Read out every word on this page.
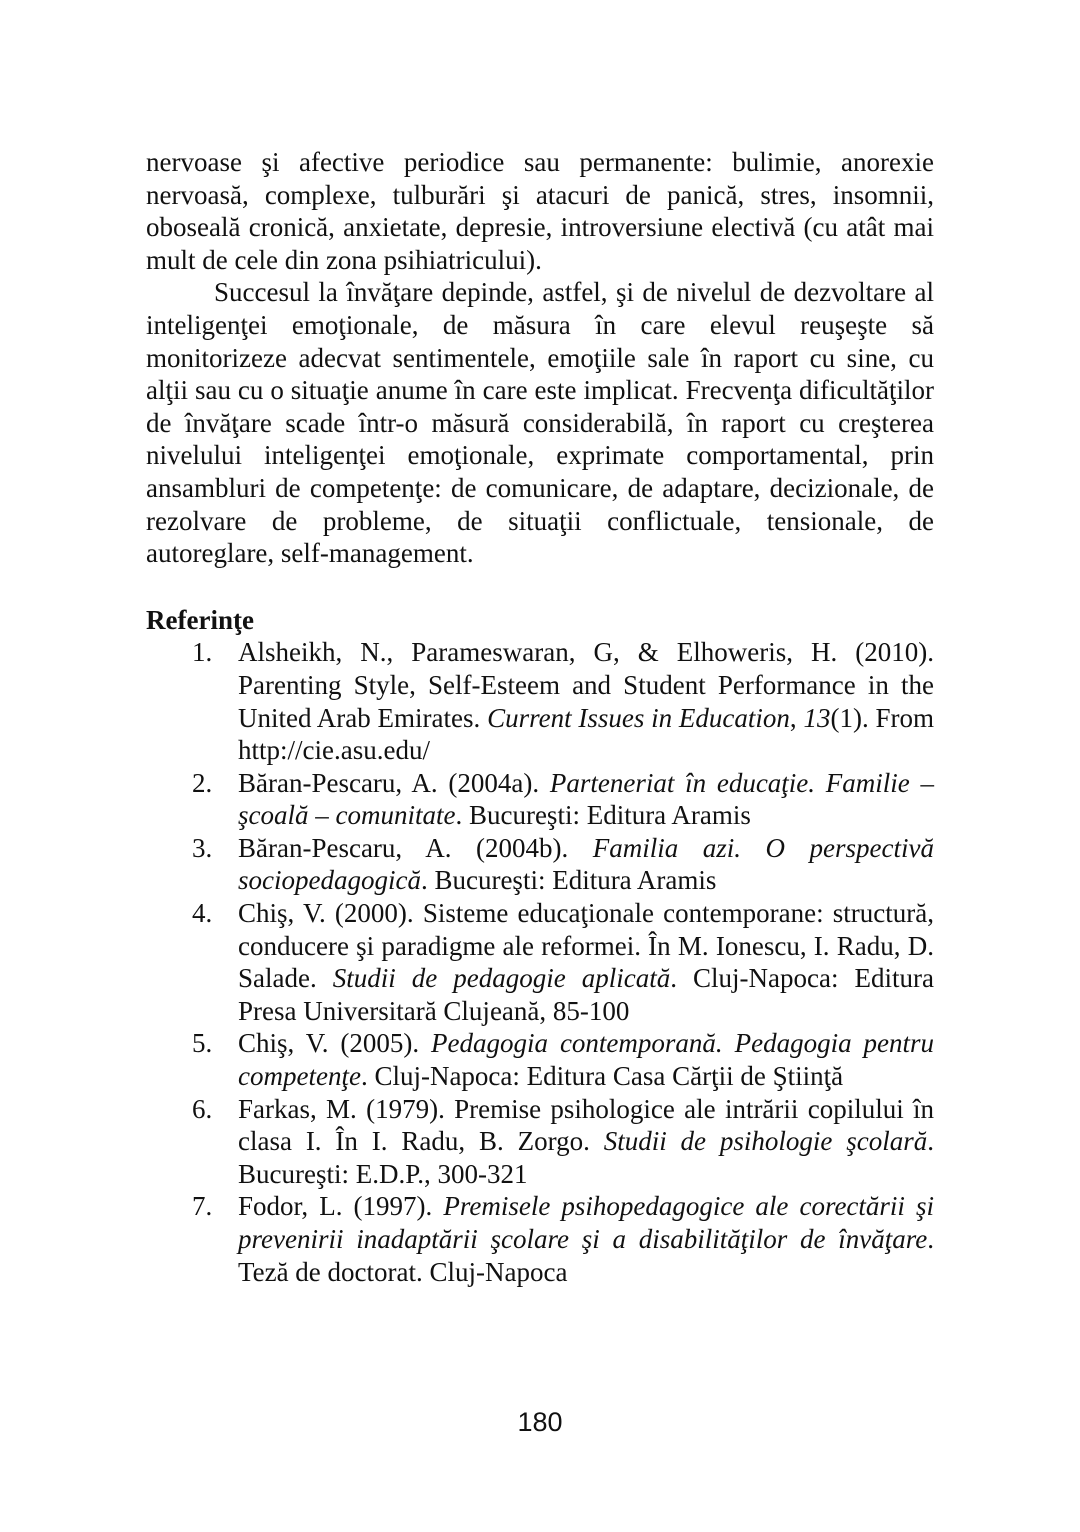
nervoase şi afective periodice sau permanente: bulimie, anorexie nervoasă, complexe, tulburări şi atacuri de panică, stres, insomnii, oboseală cronică, anxietate, depresie, introversiune electivă (cu atât mai mult de cele din zona psihiatricului).

Succesul la învăţare depinde, astfel, şi de nivelul de dezvoltare al inteligenţei emoţionale, de măsura în care elevul reuşeşte să monitorizeze adecvat sentimentele, emoţiile sale în raport cu sine, cu alţii sau cu o situaţie anume în care este implicat. Frecvenţa dificultăţilor de învăţare scade într-o măsură considerabilă, în raport cu creşterea nivelului inteligenţei emoţionale, exprimate comportamental, prin ansambluri de competenţe: de comunicare, de adaptare, decizionale, de rezolvare de probleme, de situaţii conflictuale, tensionale, de autoreglare, self-management.

Referinţe
1. Alsheikh, N., Parameswaran, G, & Elhoweris, H. (2010). Parenting Style, Self-Esteem and Student Performance in the United Arab Emirates. Current Issues in Education, 13(1). From http://cie.asu.edu/
2. Băran-Pescaru, A. (2004a). Parteneriat în educaţie. Familie – şcoală – comunitate. Bucureşti: Editura Aramis
3. Băran-Pescaru, A. (2004b). Familia azi. O perspectivă sociopedagogică. Bucureşti: Editura Aramis
4. Chiş, V. (2000). Sisteme educaţionale contemporane: structură, conducere şi paradigme ale reformei. În M. Ionescu, I. Radu, D. Salade. Studii de pedagogie aplicată. Cluj-Napoca: Editura Presa Universitară Clujeană, 85-100
5. Chiş, V. (2005). Pedagogia contemporană. Pedagogia pentru competenţe. Cluj-Napoca: Editura Casa Cărţii de Ştiinţă
6. Farkas, M. (1979). Premise psihologice ale intrării copilului în clasa I. În I. Radu, B. Zorgo. Studii de psihologie şcolară. Bucureşti: E.D.P., 300-321
7. Fodor, L. (1997). Premisele psihopedagogice ale corectării şi prevenirii inadaptării şcolare şi a disabilităţilor de învăţare. Teză de doctorat. Cluj-Napoca
180
